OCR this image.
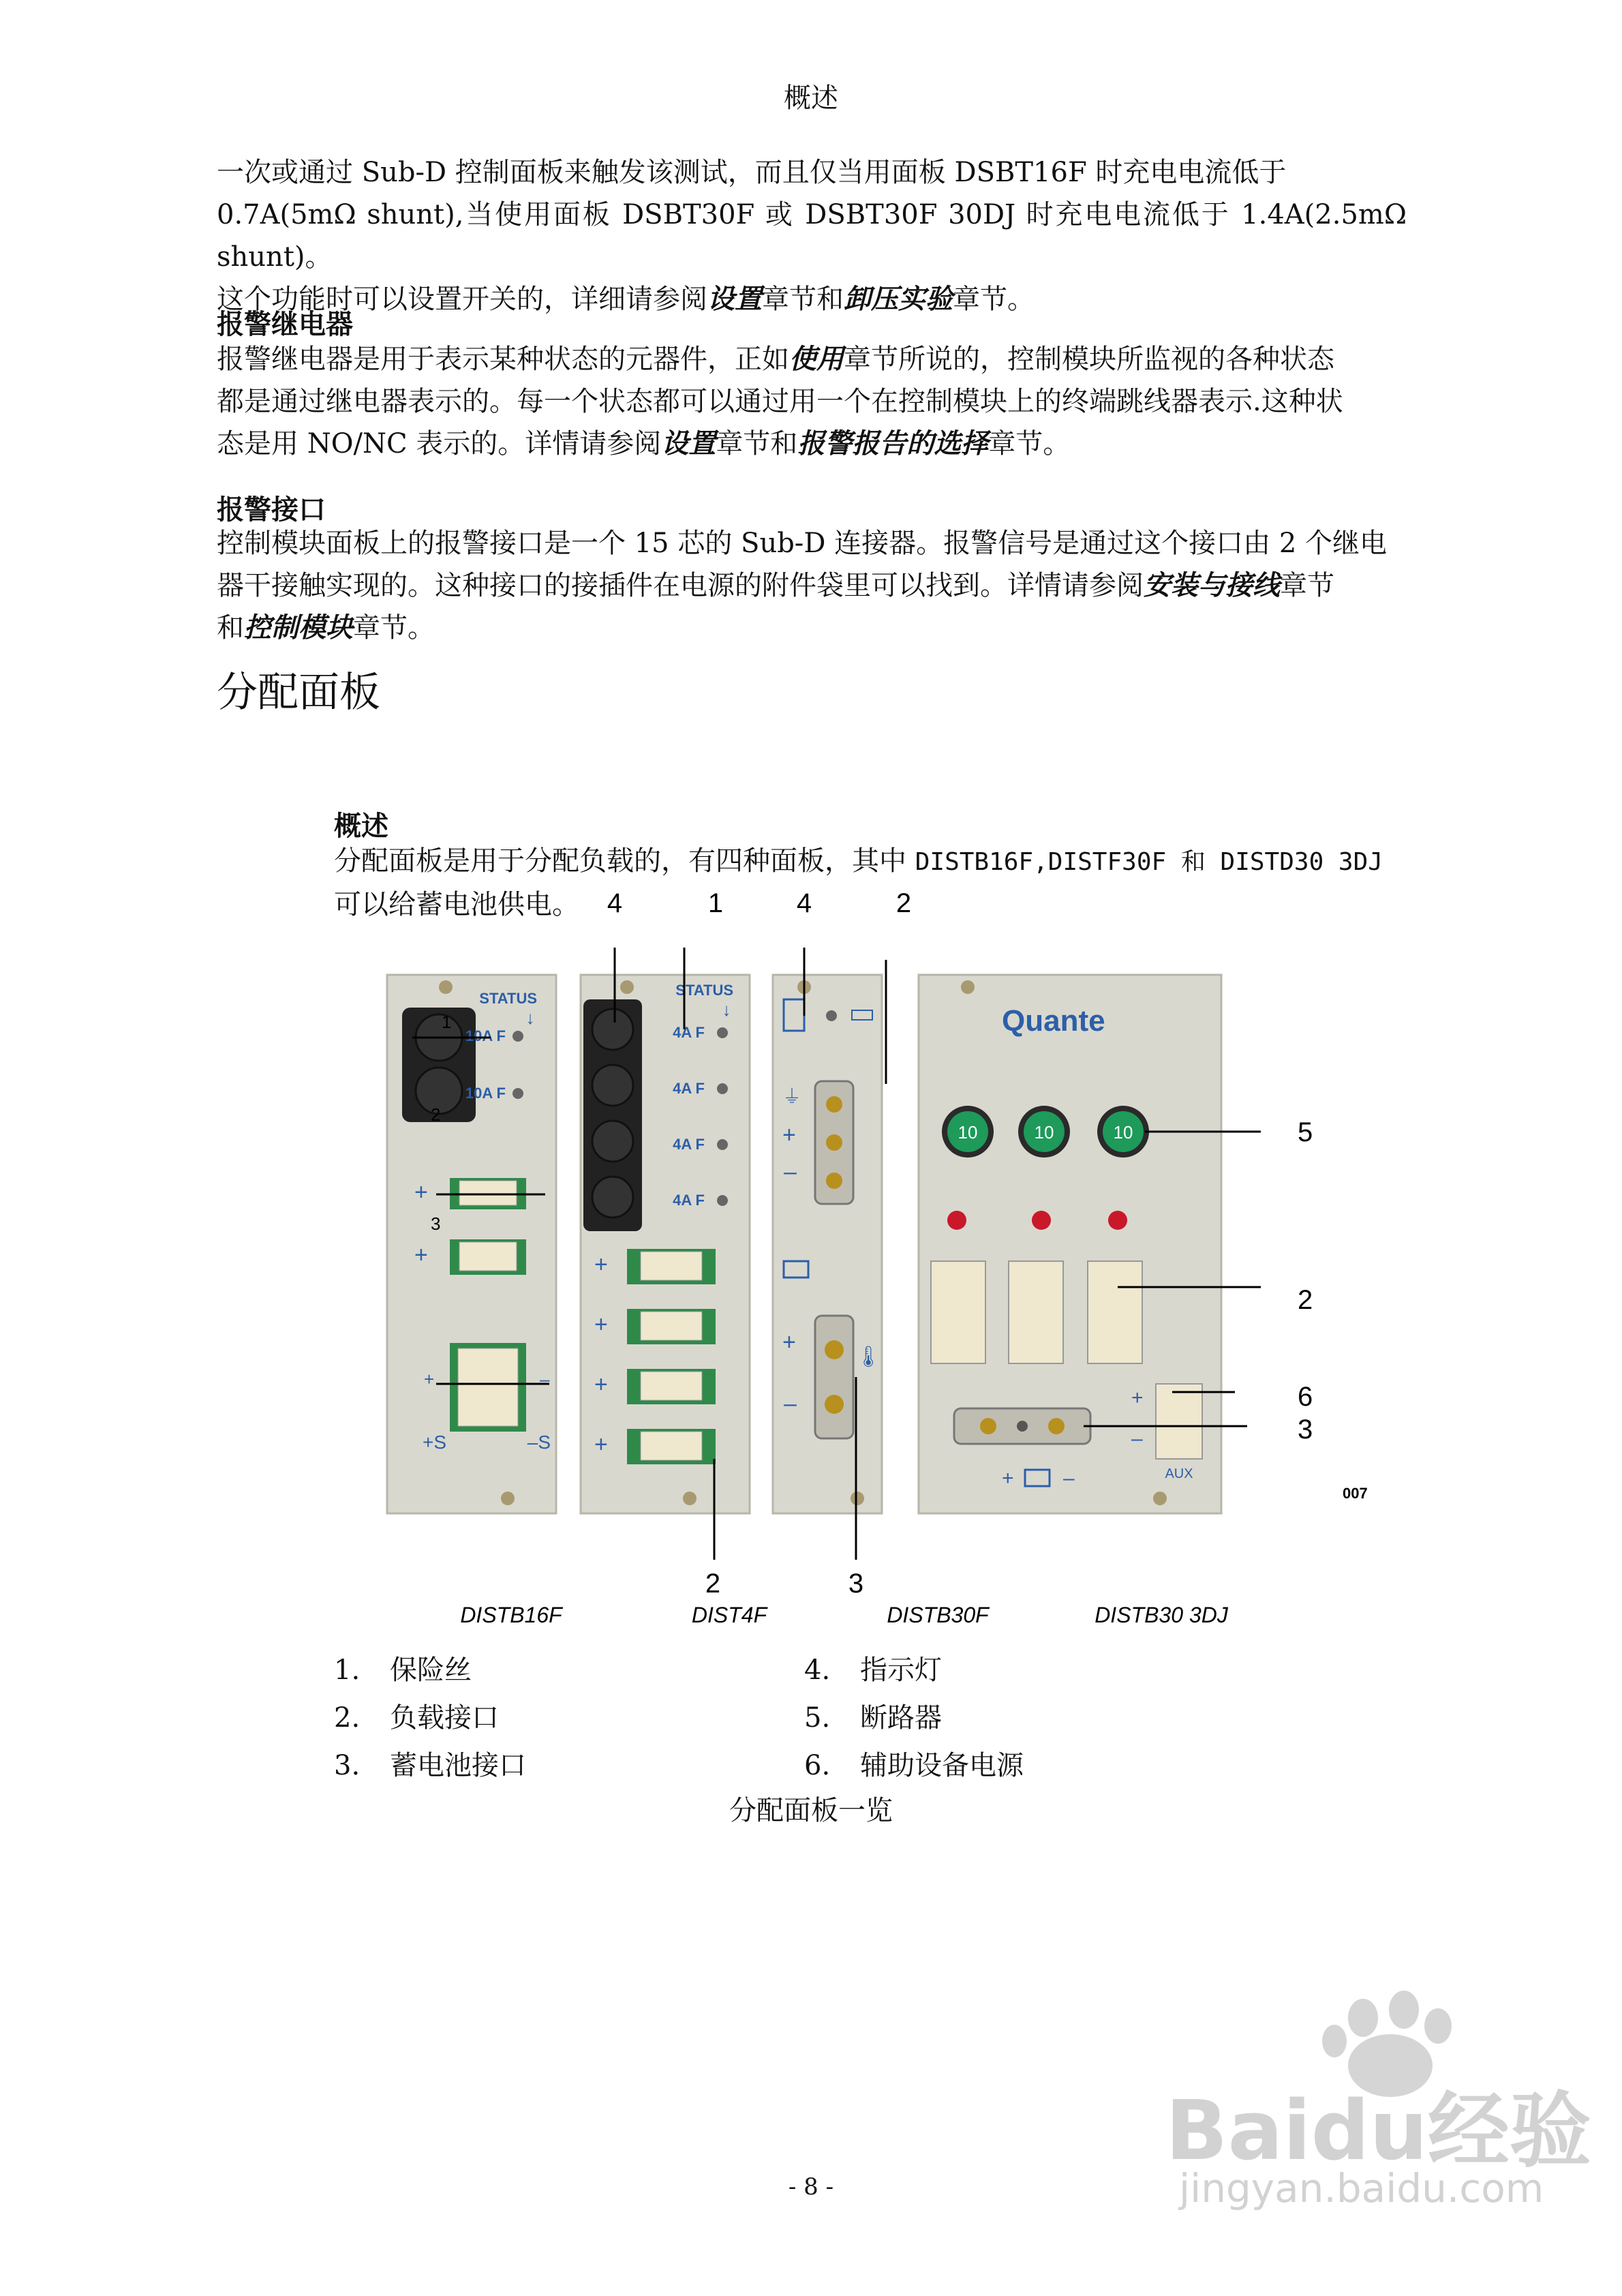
概述
一次或通过 Sub-D 控制面板来触发该测试，而且仅当用面板 DSBT16F 时充电电流低于
0.7A(5mΩ shunt),当使用面板 DSBT30F 或 DSBT30F 30DJ 时充电电流低于 1.4A(2.5mΩ shunt)。
这个功能时可以设置开关的，详细请参阅设置章节和卸压实验章节。
报警继电器
报警继电器是用于表示某种状态的元器件，正如使用章节所说的，控制模块所监视的各种状态
都是通过继电器表示的。每一个状态都可以通过用一个在控制模块上的终端跳线器表示.这种状
态是用 NO/NC 表示的。详情请参阅设置章节和报警报告的选择章节。
报警接口
控制模块面板上的报警接口是一个 15 芯的 Sub-D 连接器。报警信号是通过这个接口由 2 个继电
器干接触实现的。这种接口的接插件在电源的附件袋里可以找到。详情请参阅安装与接线章节
和控制模块章节。
分配面板
概述
分配面板是用于分配负载的，有四种面板，其中 DISTB16F,DISTF30F 和 DISTD30 3DJ
可以给蓄电池供电。	4	1	4	2
STATUS
↓
1
2
10A F
10A F
+
3
+
+	–
+S	–S
STATUS
↓
4A F
4A F
4A F
4A F
+
+
+
+
⏚
+
–
+
–
🌡
Quante
10	10	10
+
–
AUX
+ –
5
2
6
3
007
2	3
DISTB16F	DIST4F	DISTB30F	DISTB30 3DJ
1. 保险丝
2. 负载接口
3. 蓄电池接口
4. 指示灯
5. 断路器
6. 辅助设备电源
分配面板一览
- 8 -
Baidu经验
jingyan.baidu.com
